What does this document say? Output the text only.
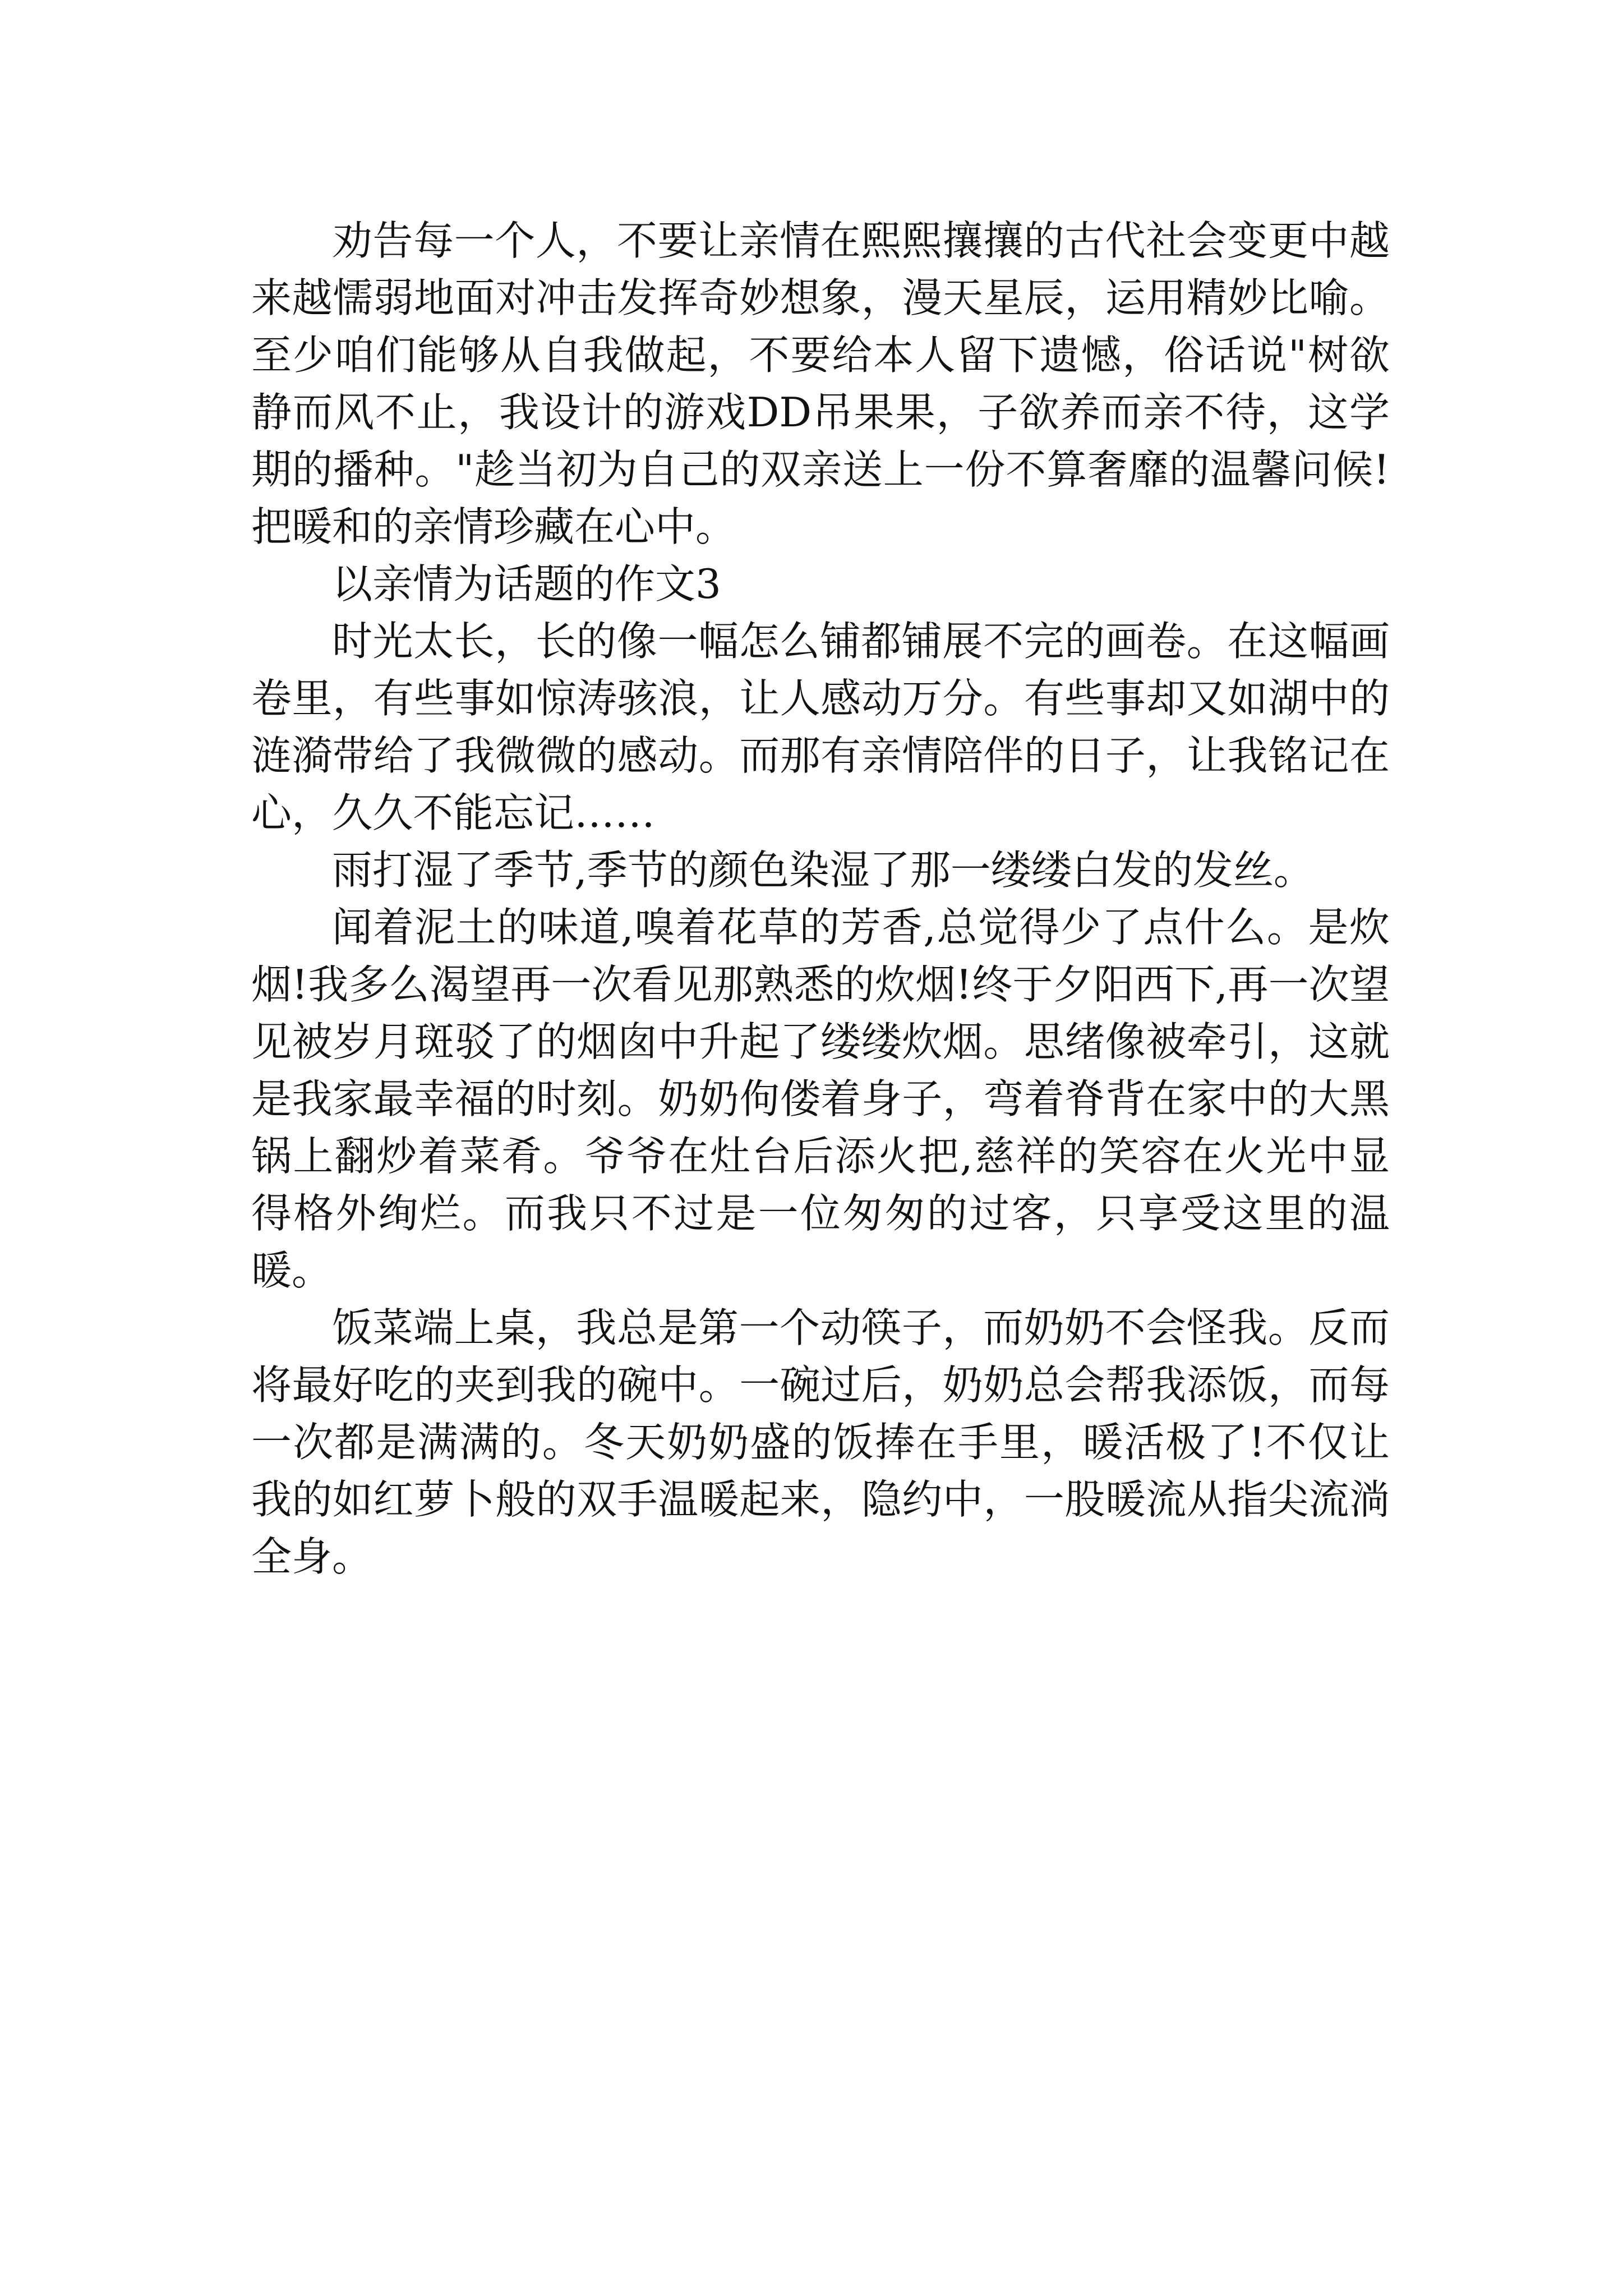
劝告每一个人，不要让亲情在熙熙攘攘的古代社会变更中越来越懦弱地面对冲击发挥奇妙想象，漫天星辰，运用精妙比喻。至少咱们能够从自我做起，不要给本人留下遗憾，俗话说"树欲静而风不止，我设计的游戏DD吊果果，子欲养而亲不待，这学期的播种。"趁当初为自己的双亲送上一份不算奢靡的温馨问候!把暖和的亲情珍藏在心中。

以亲情为话题的作文3

时光太长，长的像一幅怎么铺都铺展不完的画卷。在这幅画卷里，有些事如惊涛骇浪，让人感动万分。有些事却又如湖中的涟漪带给了我微微的感动。而那有亲情陪伴的日子，让我铭记在心，久久不能忘记……

雨打湿了季节,季节的颜色染湿了那一缕缕白发的发丝。

闻着泥土的味道,嗅着花草的芳香,总觉得少了点什么。是炊烟!我多么渴望再一次看见那熟悉的炊烟!终于夕阳西下,再一次望见被岁月斑驳了的烟囱中升起了缕缕炊烟。思绪像被牵引，这就是我家最幸福的时刻。奶奶佝偻着身子，弯着脊背在家中的大黑锅上翻炒着菜肴。爷爷在灶台后添火把,慈祥的笑容在火光中显得格外绚烂。而我只不过是一位匆匆的过客，只享受这里的温暖。

饭菜端上桌，我总是第一个动筷子，而奶奶不会怪我。反而将最好吃的夹到我的碗中。一碗过后，奶奶总会帮我添饭，而每一次都是满满的。冬天奶奶盛的饭捧在手里，暖活极了!不仅让我的如红萝卜般的双手温暖起来，隐约中，一股暖流从指尖流淌全身。
